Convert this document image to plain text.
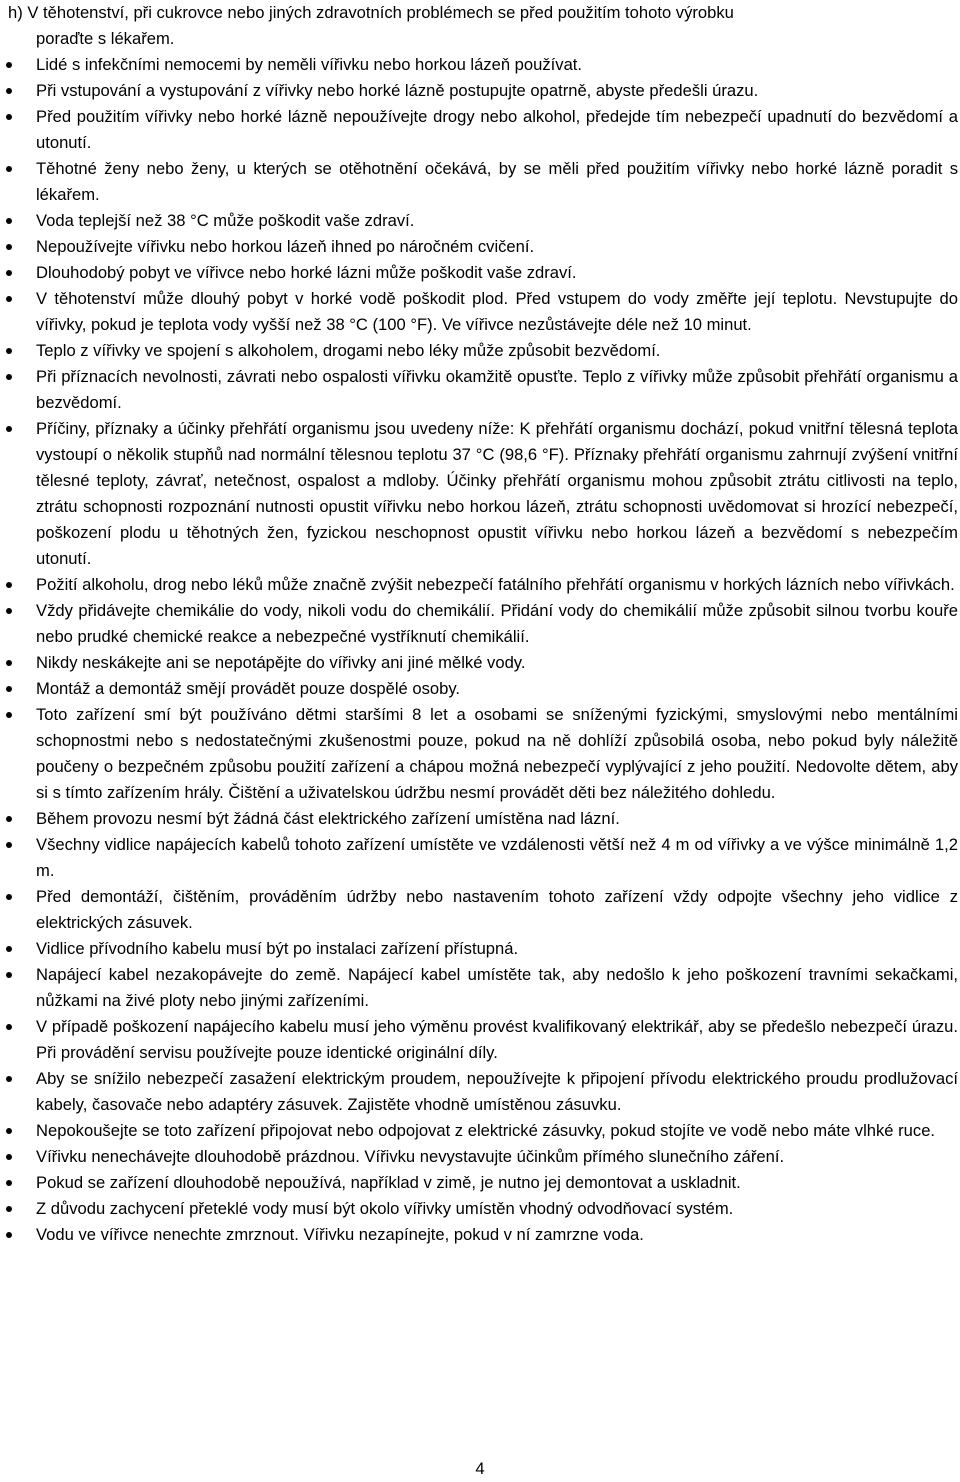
h) V těhotenství, při cukrovce nebo jiných zdravotních problémech se před použitím tohoto výrobku
poraďte s lékařem.
Lidé s infekčními nemocemi by neměli vířivku nebo horkou lázeň používat.
Při vstupování a vystupování z vířivky nebo horké lázně postupujte opatrně, abyste předešli úrazu.
Před použitím vířivky nebo horké lázně nepoužívejte drogy nebo alkohol, předejde tím nebezpečí upadnutí do bezvědomí a utonutí.
Těhotné ženy nebo ženy, u kterých se otěhotnění očekává, by se měli před použitím vířivky nebo horké lázně poradit s lékařem.
Voda teplejší než 38 °C může poškodit vaše zdraví.
Nepoužívejte vířivku nebo horkou lázeň ihned po náročném cvičení.
Dlouhodobý pobyt ve vířivce nebo horké lázni může poškodit vaše zdraví.
V těhotenství může dlouhý pobyt v horké vodě poškodit plod. Před vstupem do vody změřte její teplotu. Nevstupujte do vířivky, pokud je teplota vody vyšší než 38 °C (100 °F). Ve vířivce nezůstávejte déle než 10 minut.
Teplo z vířivky ve spojení s alkoholem, drogami nebo léky může způsobit bezvědomí.
Při příznacích nevolnosti, závrati nebo ospalosti vířivku okamžitě opusťte. Teplo z vířivky může způsobit přehřátí organismu a bezvědomí.
Příčiny, příznaky a účinky přehřátí organismu jsou uvedeny níže: K přehřátí organismu dochází, pokud vnitřní tělesná teplota vystoupí o několik stupňů nad normální tělesnou teplotu 37 °C (98,6 °F). Příznaky přehřátí organismu zahrnují zvýšení vnitřní tělesné teploty, závrať, netečnost, ospalost a mdloby. Účinky přehřátí organismu mohou způsobit ztrátu citlivosti na teplo, ztrátu schopnosti rozpoznání nutnosti opustit vířivku nebo horkou lázeň, ztrátu schopnosti uvědomovat si hrozící nebezpečí, poškození plodu u těhotných žen, fyzickou neschopnost opustit vířivku nebo horkou lázeň a bezvědomí s nebezpečím utonutí.
Požití alkoholu, drog nebo léků může značně zvýšit nebezpečí fatálního přehřátí organismu v horkých lázních nebo vířivkách.
Vždy přidávejte chemikálie do vody, nikoli vodu do chemikálií. Přidání vody do chemikálií může způsobit silnou tvorbu kouře nebo prudké chemické reakce a nebezpečné vystříknutí chemikálií.
Nikdy neskákejte ani se nepotápějte do vířivky ani jiné mělké vody.
Montáž a demontáž smějí provádět pouze dospělé osoby.
Toto zařízení smí být používáno dětmi staršími 8 let a osobami se sníženými fyzickými, smyslovými nebo mentálními schopnostmi nebo s nedostatečnými zkušenostmi pouze, pokud na ně dohlíží způsobilá osoba, nebo pokud byly náležitě poučeny o bezpečném způsobu použití zařízení a chápou možná nebezpečí vyplývající z jeho použití. Nedovolte dětem, aby si s tímto zařízením hrály. Čištění a uživatelskou údržbu nesmí provádět děti bez náležitého dohledu.
Během provozu nesmí být žádná část elektrického zařízení umístěna nad lázní.
Všechny vidlice napájecích kabelů tohoto zařízení umístěte ve vzdálenosti větší než 4 m od vířivky a ve výšce minimálně 1,2 m.
Před demontáží, čištěním, prováděním údržby nebo nastavením tohoto zařízení vždy odpojte všechny jeho vidlice z elektrických zásuvek.
Vidlice přívodního kabelu musí být po instalaci zařízení přístupná.
Napájecí kabel nezakopávejte do země. Napájecí kabel umístěte tak, aby nedošlo k jeho poškození travními sekačkami, nůžkami na živé ploty nebo jinými zařízeními.
V případě poškození napájecího kabelu musí jeho výměnu provést kvalifikovaný elektrikář, aby se předešlo nebezpečí úrazu. Při provádění servisu používejte pouze identické originální díly.
Aby se snížilo nebezpečí zasažení elektrickým proudem, nepoužívejte k připojení přívodu elektrického proudu prodlužovací kabely, časovače nebo adaptéry zásuvek. Zajistěte vhodně umístěnou zásuvku.
Nepokoušejte se toto zařízení připojovat nebo odpojovat z elektrické zásuvky, pokud stojíte ve vodě nebo máte vlhké ruce.
Vířivku nenechávejte dlouhodobě prázdnou. Vířivku nevystavujte účinkům přímého slunečního záření.
Pokud se zařízení dlouhodobě nepoužívá, například v zimě, je nutno jej demontovat a uskladnit.
Z důvodu zachycení přeteklé vody musí být okolo vířivky umístěn vhodný odvodňovací systém.
Vodu ve vířivce nenechte zmrznout. Vířivku nezapínejte, pokud v ní zamrzne voda.
4
